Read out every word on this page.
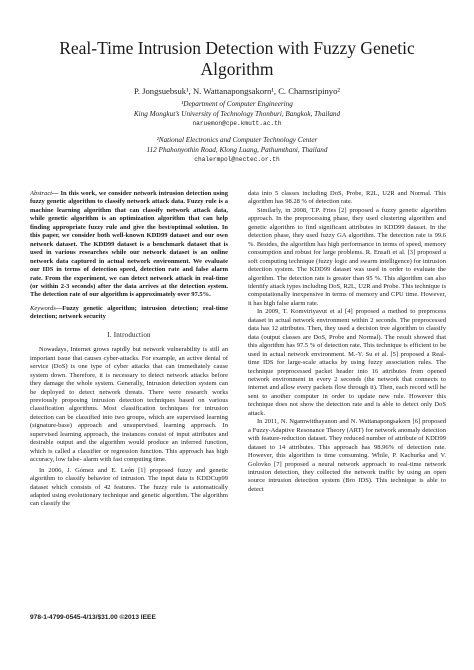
Real-Time Intrusion Detection with Fuzzy Genetic Algorithm
P. Jongsuebsuk¹, N. Wattanapongsakorn¹, C. Charnsripinyo²
¹Department of Computer Engineering
King Mongkut’s University of Technology Thonburi, Bangkok, Thailand
naruemon@cpe.kmutt.ac.th
²National Electronics and Computer Technology Center
112 Phahonyothin Road, Klong Luang, Pathumthani, Thailand
chalermpol@nectec.or.th

Abstract— In this work, we consider network intrusion detection using fuzzy genetic algorithm to classify network attack data. Fuzzy rule is a machine learning algorithm that can classify network attack data, while genetic algorithm is an optimization algorithm that can help finding appropriate fuzzy rule and give the best/optimal solution. In this paper, we consider both well-known KDD99 dataset and our own network dataset. The KDD99 dataset is a benchmark dataset that is used in various researches while our network dataset is an online network data captured in actual network environment. We evaluate our IDS in terms of detection speed, detection rate and false alarm rate. From the experiment, we can detect network attack in real-time (or within 2-3 seconds) after the data arrives at the detection system. The detection rate of our algorithm is approximately over 97.5%.

Keywords—Fuzzy genetic algorithm; intrusion detection; real-time detection; network security

I. Introduction

Nowadays, Internet grows rapidly but network vulnerability is still an important issue that causes cyber-attacks. For example, an active denial of service (DoS) is one type of cyber attacks that can immediately cause system down. Therefore, it is necessary to detect network attacks before they damage the whole system. Generally, Intrusion detection system can be deployed to detect network threats. There were research works previously proposing intrusion detection techniques based on various classification algorithms. Most classification techniques for intrusion detection can be classified into two groups, which are supervised learning (signature-base) approach and unsupervised learning approach. In supervised learning approach, the instances consist of input attributes and desirable output and the algorithm would produce an inferred function, which is called a classifier or regression function. This approach has high accuracy, low false- alarm with fast computing time.

In 2006, J. Gómez and E. León [1] proposed fuzzy and genetic algorithm to classify behavior of intrusion. The input data is KDDCup99 dataset which consists of 42 features. The fuzzy rule is automatically adapted using evolutionary technique and genetic algorithm. The algorithm can classify the

data into 5 classes including DoS, Probe, R2L, U2R and Normal. This algorithm has 98.28 % of detection rate.

Similarly, in 2008, T.P. Fries [2] proposed a fuzzy genetic algorithm approach. In the preprocessing phase, they used clustering algorithm and genetic algorithm to find significant attributes in KDD99 dataset. In the detection phase, they used fuzzy GA algorithm. The detection rate is 99.6 %. Besides, the algorithm has high performance in terms of speed, memory consumption and robust for large problems. R. Ensafi et al. [3] proposed a soft computing technique (fuzzy logic and swarm intelligence) for intrusion detection system. The KDD99 dataset was used in order to evaluate the algorithm. The detection rate is greater than 95 %. This algorithm can also identify attack types including DoS, R2L, U2R and Probe. This technique is computationally inexpensive in terms of memory and CPU time. However, it has high false alarm rate.

In 2009, T. Komviriyavut et al [4] proposed a method to preprocess dataset in actual network environment within 2 seconds. The preprocessed data has 12 attributes. Then, they used a decision tree algorithm to classify data (output classes are DoS, Probe and Normal). The result showed that this algorithm has 97.5 % of detection rate. This technique is efficient to be used in actual network environment. M.-Y. Su et al. [5] proposed a Real-time IDS for large-scale attacks by using fuzzy association rules. The technique preprocessed packet header into 16 attributes from opened network environment in every 2 seconds (the network that connects to internet and allow every packets flow through it). Then, each record will be sent to another computer in order to update new rule. However this technique does not show the detection rate and is able to detect only DoS attack.

In 2011, N. Ngamwitthayanon and N. Wattanapongsakorn [6] proposed a Fuzzy-Adaptive Resonance Theory (ART) for network anomaly detection with feature-reduction dataset. They reduced number of attribute of KDD99 dataset to 14 attributes. This approach has 98.96% of detection rate. However, this algorithm is time consuming. While, P. Kachurka and V. Golovko [7] proposed a neural network approach to real-time network intrusion detection, they collected the network traffic by using an open source intrusion detection system (Bro IDS). This technique is able to detect

978-1-4799-0545-4/13/$31.00 ©2013 IEEE
